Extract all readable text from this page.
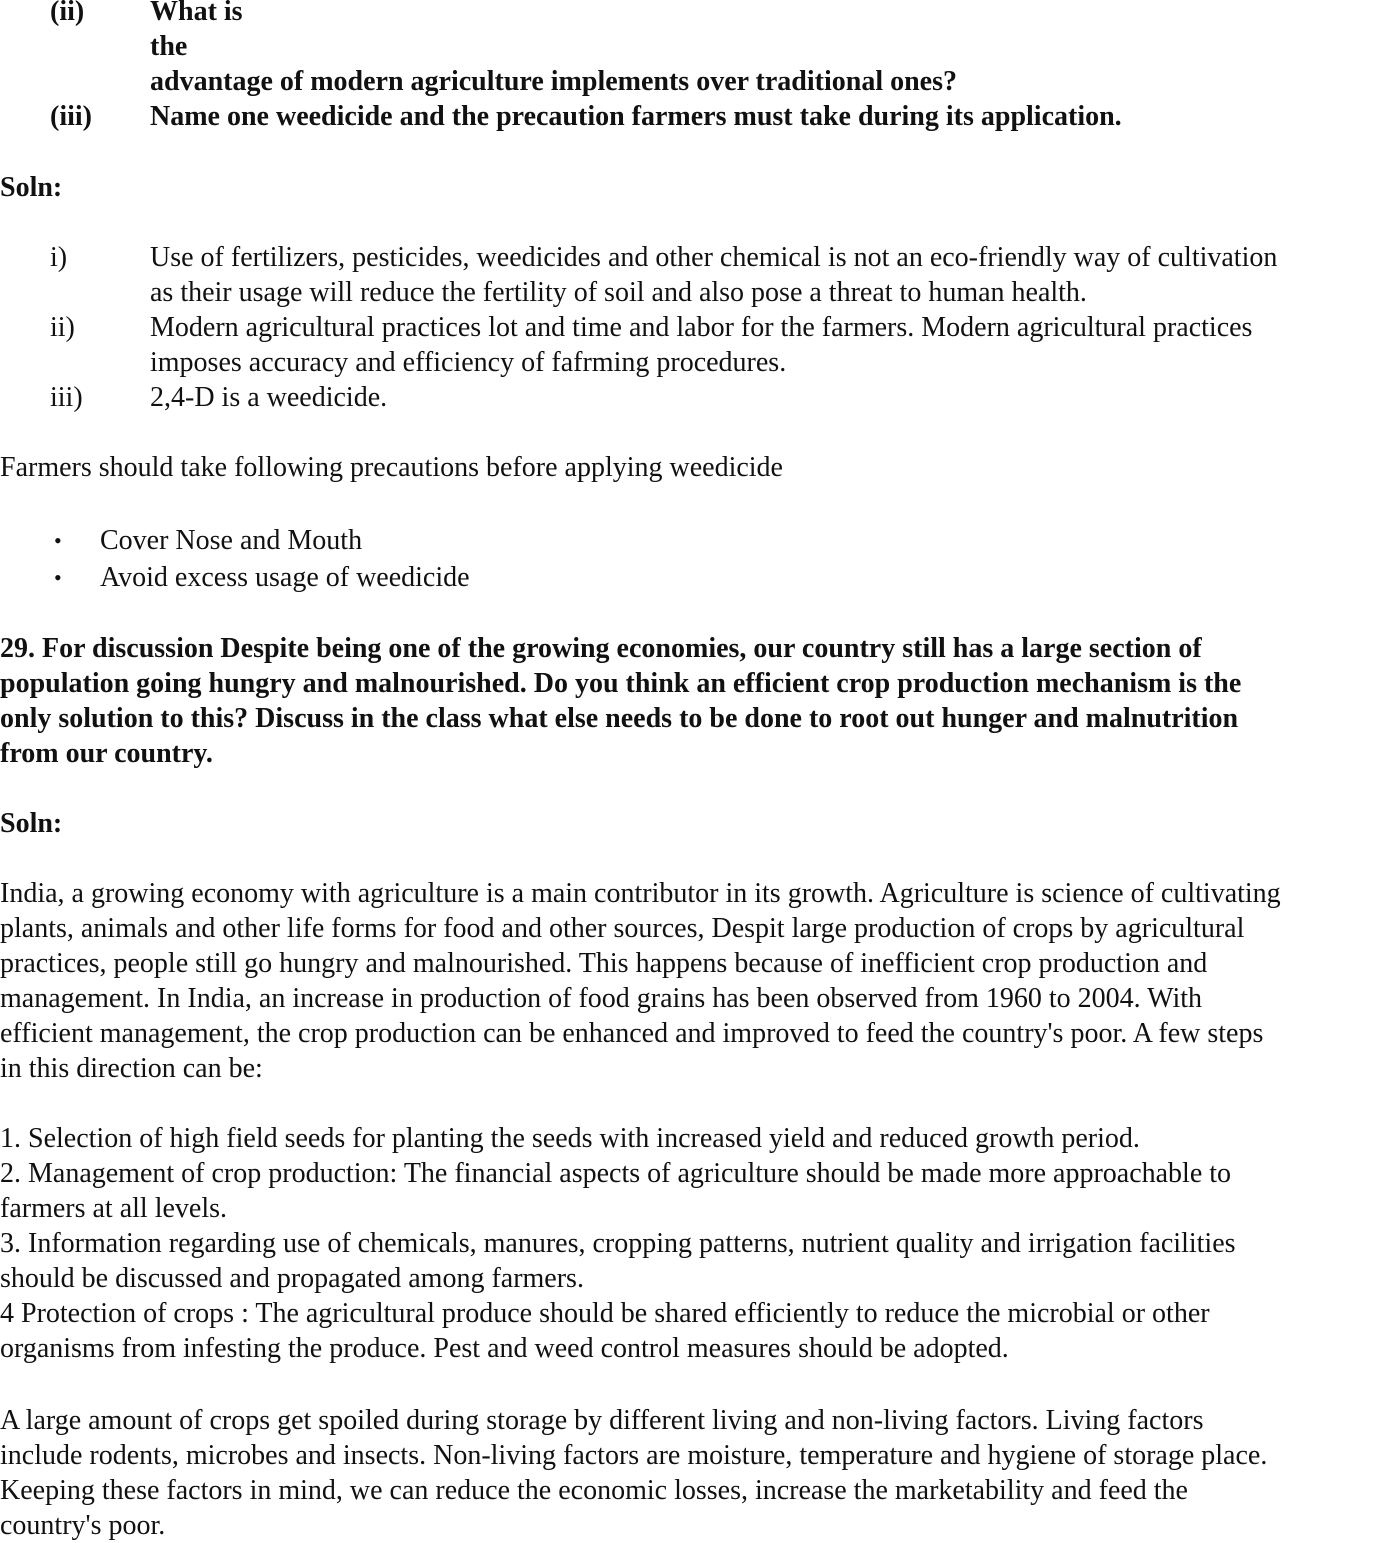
(ii) What is
the
advantage of modern agriculture implements over traditional ones?
(iii) Name one weedicide and the precaution farmers must take during its application.
Soln:
i)	Use of fertilizers, pesticides, weedicides and other chemical is not an eco-friendly way of cultivation
as their usage will reduce the fertility of soil and also pose a threat to human health.
ii)	Modern agricultural practices lot and time and labor for the farmers. Modern agricultural practices
imposes accuracy and efficiency of fafrming procedures.
iii) 2,4-D is a weedicide.
Farmers should take following precautions before applying weedicide
• Cover Nose and Mouth
• Avoid excess usage of weedicide
29. For discussion Despite being one of the growing economies, our country still has a large section of
population going hungry and malnourished. Do you think an efficient crop production mechanism is the
only solution to this? Discuss in the class what else needs to be done to root out hunger and malnutrition
from our country.
Soln:
India, a growing economy with agriculture is a main contributor in its growth. Agriculture is science of cultivating
plants, animals and other life forms for food and other sources, Despit large production of crops by agricultural
practices, people still go hungry and malnourished. This happens because of inefficient crop production and
management. In India, an increase in production of food grains has been observed from 1960 to 2004. With
efficient management, the crop production can be enhanced and improved to feed the country's poor. A few steps
in this direction can be:
1. Selection of high field seeds for planting the seeds with increased yield and reduced growth period.
2. Management of crop production: The financial aspects of agriculture should be made more approachable to
farmers at all levels.
3. Information regarding use of chemicals, manures, cropping patterns, nutrient quality and irrigation facilities
should be discussed and propagated among farmers.
4 Protection of crops : The agricultural produce should be shared efficiently to reduce the microbial or other
organisms from infesting the produce. Pest and weed control measures should be adopted.
A large amount of crops get spoiled during storage by different living and non-living factors. Living factors
include rodents, microbes and insects. Non-living factors are moisture, temperature and hygiene of storage place.
Keeping these factors in mind, we can reduce the economic losses, increase the marketability and feed the
country's poor.
